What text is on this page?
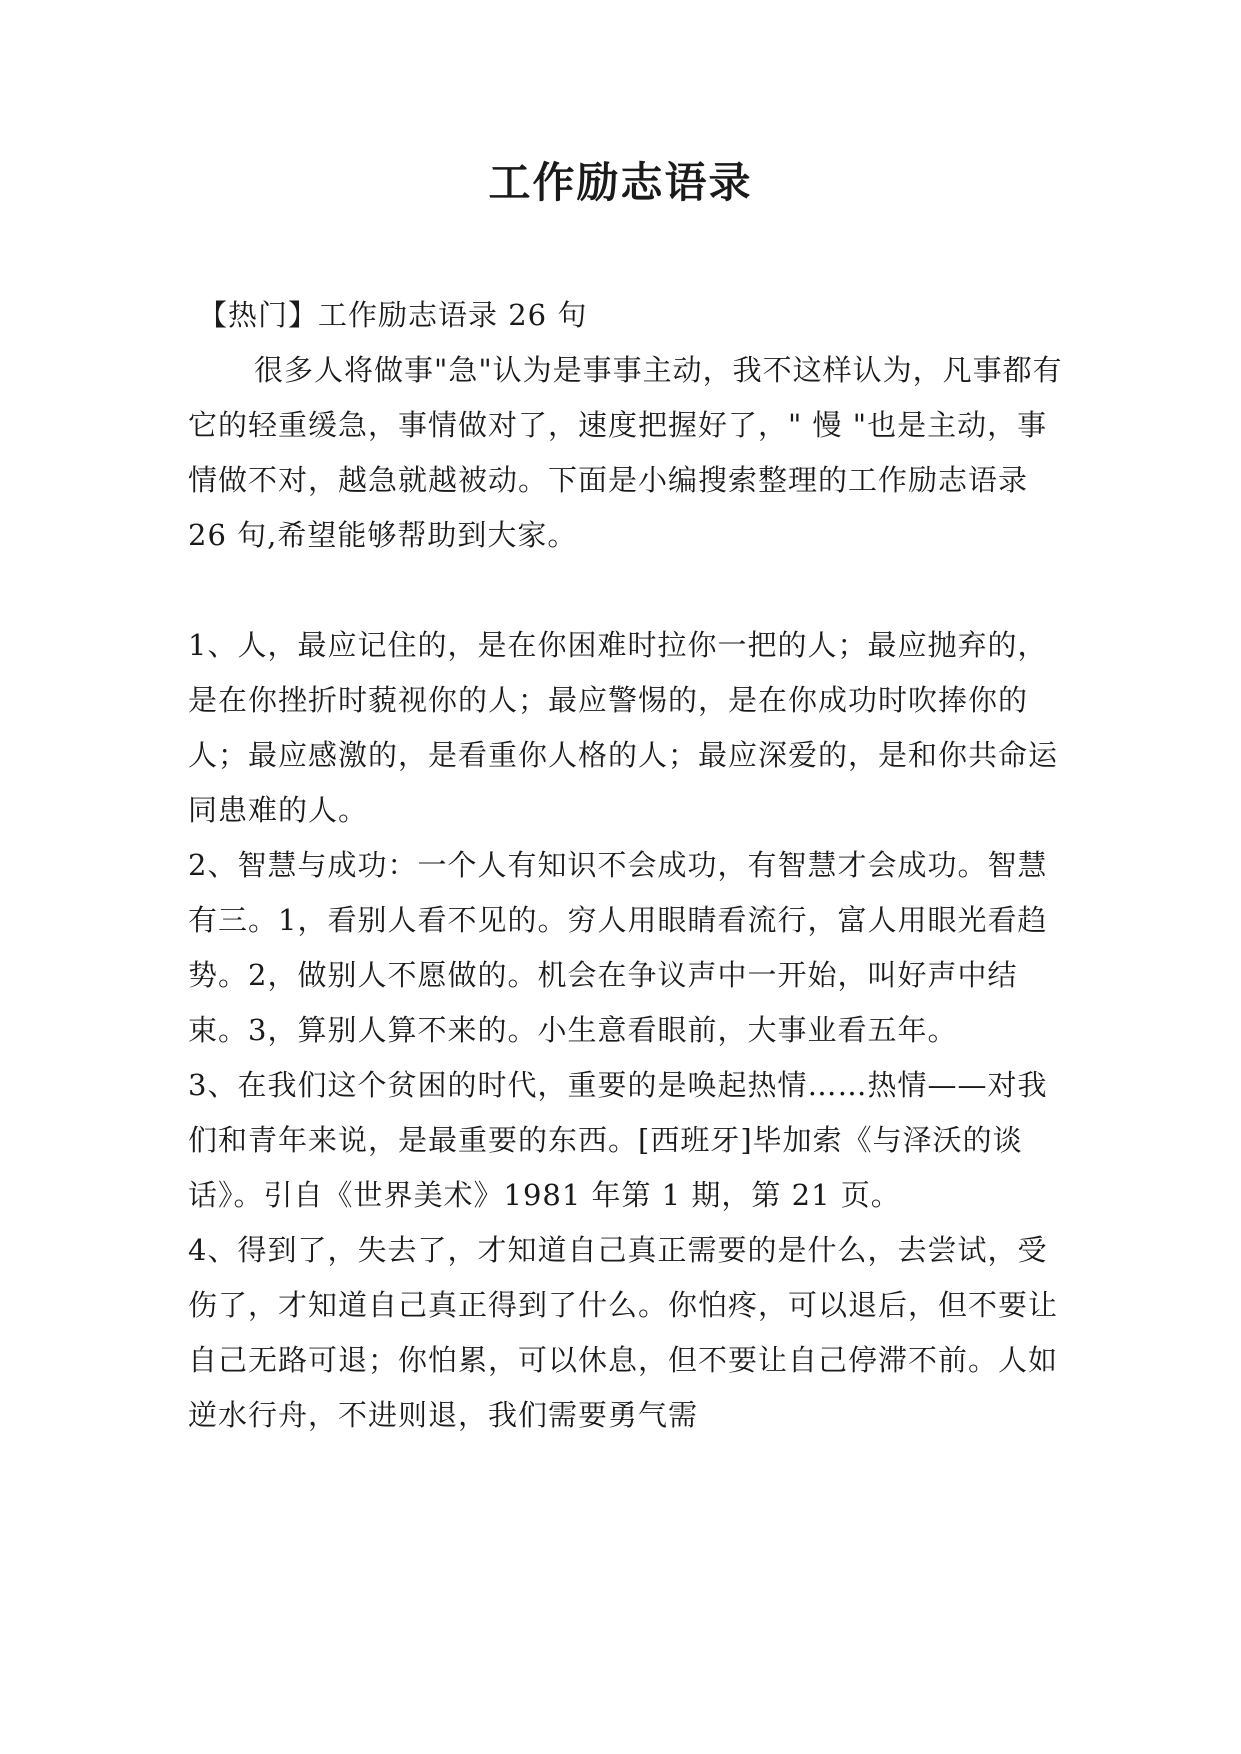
工作励志语录

【热门】工作励志语录 26 句

很多人将做事"急"认为是事事主动，我不这样认为，凡事都有它的轻重缓急，事情做对了，速度把握好了，" 慢 "也是主动，事情做不对，越急就越被动。下面是小编搜索整理的工作励志语录 26 句,希望能够帮助到大家。

1、人，最应记住的，是在你困难时拉你一把的人；最应抛弃的，是在你挫折时藐视你的人；最应警惕的，是在你成功时吹捧你的人；最应感激的，是看重你人格的人；最应深爱的，是和你共命运同患难的人。

2、智慧与成功：一个人有知识不会成功，有智慧才会成功。智慧有三。1，看别人看不见的。穷人用眼睛看流行，富人用眼光看趋势。2，做别人不愿做的。机会在争议声中一开始，叫好声中结束。3，算别人算不来的。小生意看眼前，大事业看五年。

3、在我们这个贫困的时代，重要的是唤起热情……热情——对我们和青年来说，是最重要的东西。[西班牙]毕加索《与泽沃的谈话》。引自《世界美术》1981 年第 1 期，第 21 页。

4、得到了，失去了，才知道自己真正需要的是什么，去尝试，受伤了，才知道自己真正得到了什么。你怕疼，可以退后，但不要让自己无路可退；你怕累，可以休息，但不要让自己停滞不前。人如逆水行舟，不进则退，我们需要勇气需
